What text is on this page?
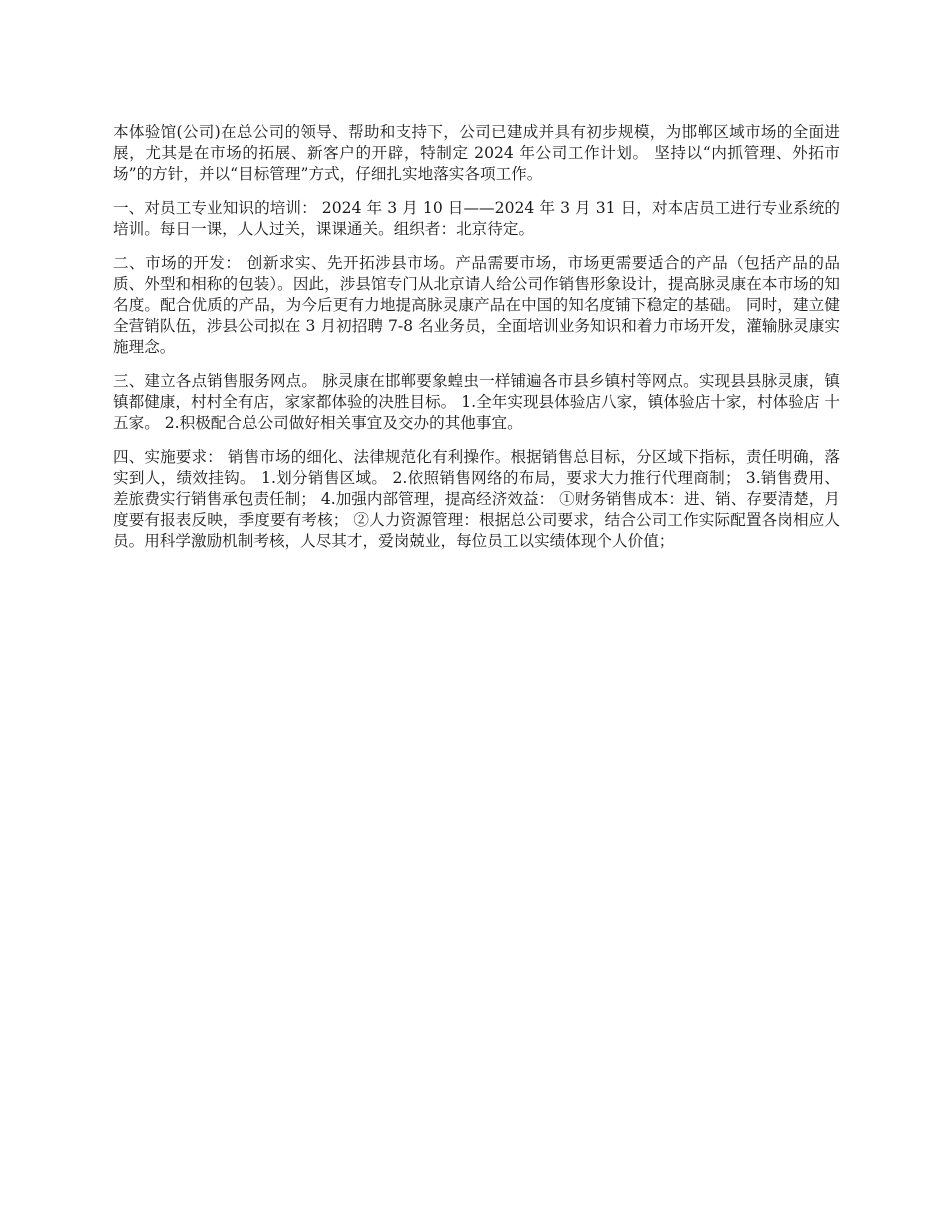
本体验馆(公司)在总公司的领导、帮助和支持下，公司已建成并具有初步规模，为邯郸区域市场的全面进展，尤其是在市场的拓展、新客户的开辟，特制定 2024 年公司工作计划。 坚持以“内抓管理、外拓市场”的方针，并以“目标管理”方式，仔细扎实地落实各项工作。

一、对员工专业知识的培训： 2024 年 3 月 10 日——2024 年 3 月 31 日，对本店员工进行专业系统的培训。每日一课，人人过关，课课通关。组织者：北京待定。

二、市场的开发： 创新求实、先开拓涉县市场。产品需要市场，市场更需要适合的产品（包括产品的品质、外型和相称的包装）。因此，涉县馆专门从北京请人给公司作销售形象设计，提高脉灵康在本市场的知名度。配合优质的产品，为今后更有力地提高脉灵康产品在中国的知名度铺下稳定的基础。 同时，建立健全营销队伍，涉县公司拟在 3 月初招聘 7-8 名业务员，全面培训业务知识和着力市场开发，灌输脉灵康实施理念。

三、建立各点销售服务网点。 脉灵康在邯郸要象蝗虫一样铺遍各市县乡镇村等网点。实现县县脉灵康，镇镇都健康，村村全有店，家家都体验的决胜目标。 1.全年实现县体验店八家，镇体验店十家，村体验店 十五家。 2.积极配合总公司做好相关事宜及交办的其他事宜。

四、实施要求： 销售市场的细化、法律规范化有利操作。根据销售总目标，分区域下指标，责任明确，落实到人，绩效挂钩。 1.划分销售区域。 2.依照销售网络的布局，要求大力推行代理商制； 3.销售费用、差旅费实行销售承包责任制； 4.加强内部管理，提高经济效益： ①财务销售成本：进、销、存要清楚，月度要有报表反映，季度要有考核； ②人力资源管理：根据总公司要求，结合公司工作实际配置各岗相应人员。用科学激励机制考核，人尽其才，爱岗兢业，每位员工以实绩体现个人价值；
